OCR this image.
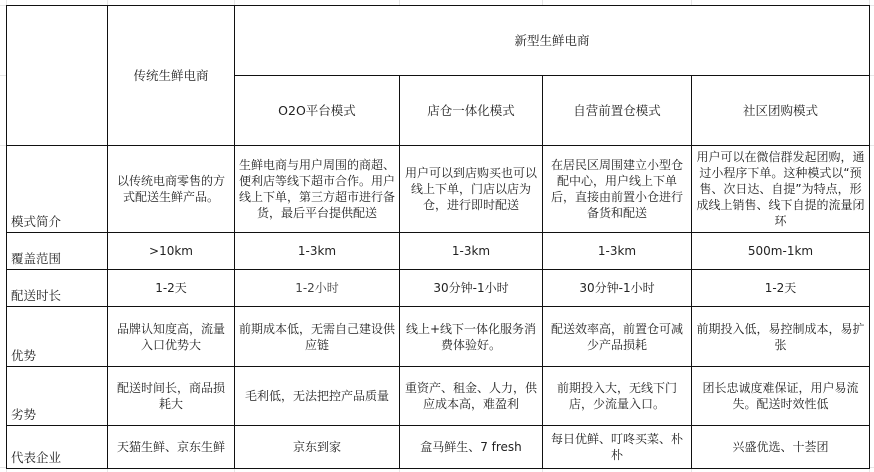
	传统生鲜电商	新型生鲜电商			
		O2O平台模式	店仓一体化模式	自营前置仓模式	社区团购模式
模式简介	以传统电商零售的方式配送生鲜产品。	生鲜电商与用户周围的商超、便利店等线下超市合作。用户线上下单，第三方超市进行备货，最后平台提供配送	用户可以到店购买也可以线上下单，门店以店为仓，进行即时配送	在居民区周围建立小型仓配中心，用户线上下单后，直接由前置小仓进行备货和配送	用户可以在微信群发起团购，通过小程序下单。这种模式以“预售、次日达、自提”为特点，形成线上销售、线下自提的流量闭环
覆盖范围	>10km	1-3km	1-3km	1-3km	500m-1km
配送时长	1-2天	1-2小时	30分钟-1小时	30分钟-1小时	1-2天
优势	品牌认知度高，流量入口优势大	前期成本低，无需自己建设供应链	线上+线下一体化服务消费体验好。	配送效率高，前置仓可减少产品损耗	前期投入低，易控制成本，易扩张
劣势	配送时间长，商品损耗大	毛利低，无法把控产品质量	重资产、租金、人力，供应成本高，难盈利	前期投入大，无线下门店，少流量入口。	团长忠诚度难保证，用户易流失。配送时效性低
代表企业	天猫生鲜、京东生鲜	京东到家	盒马鲜生、7 fresh	每日优鲜、叮咚买菜、朴朴	兴盛优选、十荟团
